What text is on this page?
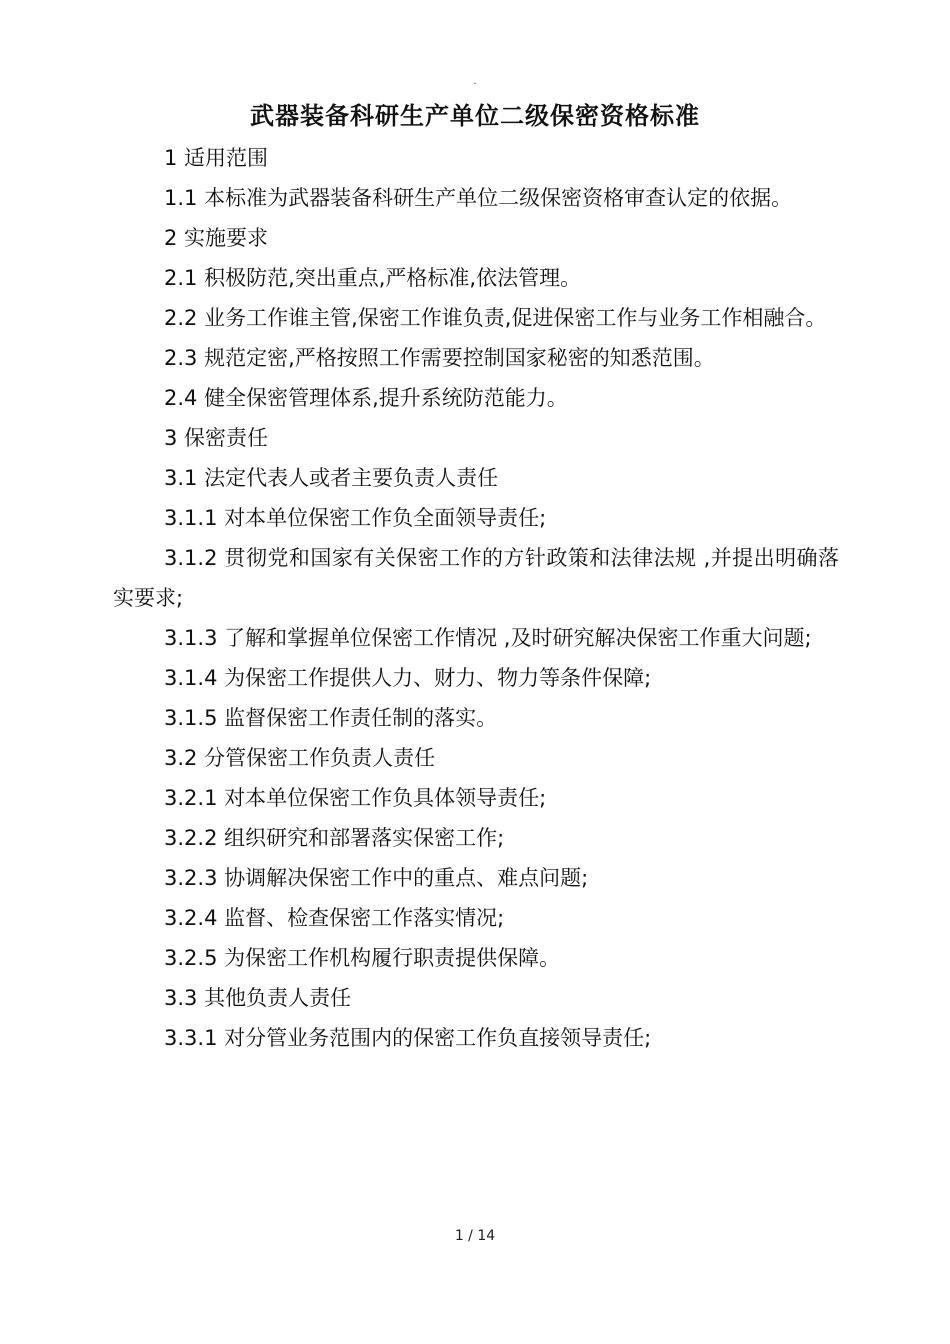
.
武器装备科研生产单位二级保密资格标准

1 适用范围

1.1 本标准为武器装备科研生产单位二级保密资格审查认定的依据。

2 实施要求

2.1 积极防范,突出重点,严格标准,依法管理。

2.2 业务工作谁主管,保密工作谁负责,促进保密工作与业务工作相融合。

2.3 规范定密,严格按照工作需要控制国家秘密的知悉范围。

2.4 健全保密管理体系,提升系统防范能力。

3 保密责任

3.1 法定代表人或者主要负责人责任

3.1.1 对本单位保密工作负全面领导责任;

3.1.2 贯彻党和国家有关保密工作的方针政策和法律法规 ,并提出明确落实要求;

3.1.3 了解和掌握单位保密工作情况 ,及时研究解决保密工作重大问题;

3.1.4 为保密工作提供人力、财力、物力等条件保障;

3.1.5 监督保密工作责任制的落实。

3.2 分管保密工作负责人责任

3.2.1 对本单位保密工作负具体领导责任;

3.2.2 组织研究和部署落实保密工作;

3.2.3 协调解决保密工作中的重点、难点问题;

3.2.4 监督、检查保密工作落实情况;

3.2.5 为保密工作机构履行职责提供保障。

3.3 其他负责人责任

3.3.1 对分管业务范围内的保密工作负直接领导责任;

1 / 14
